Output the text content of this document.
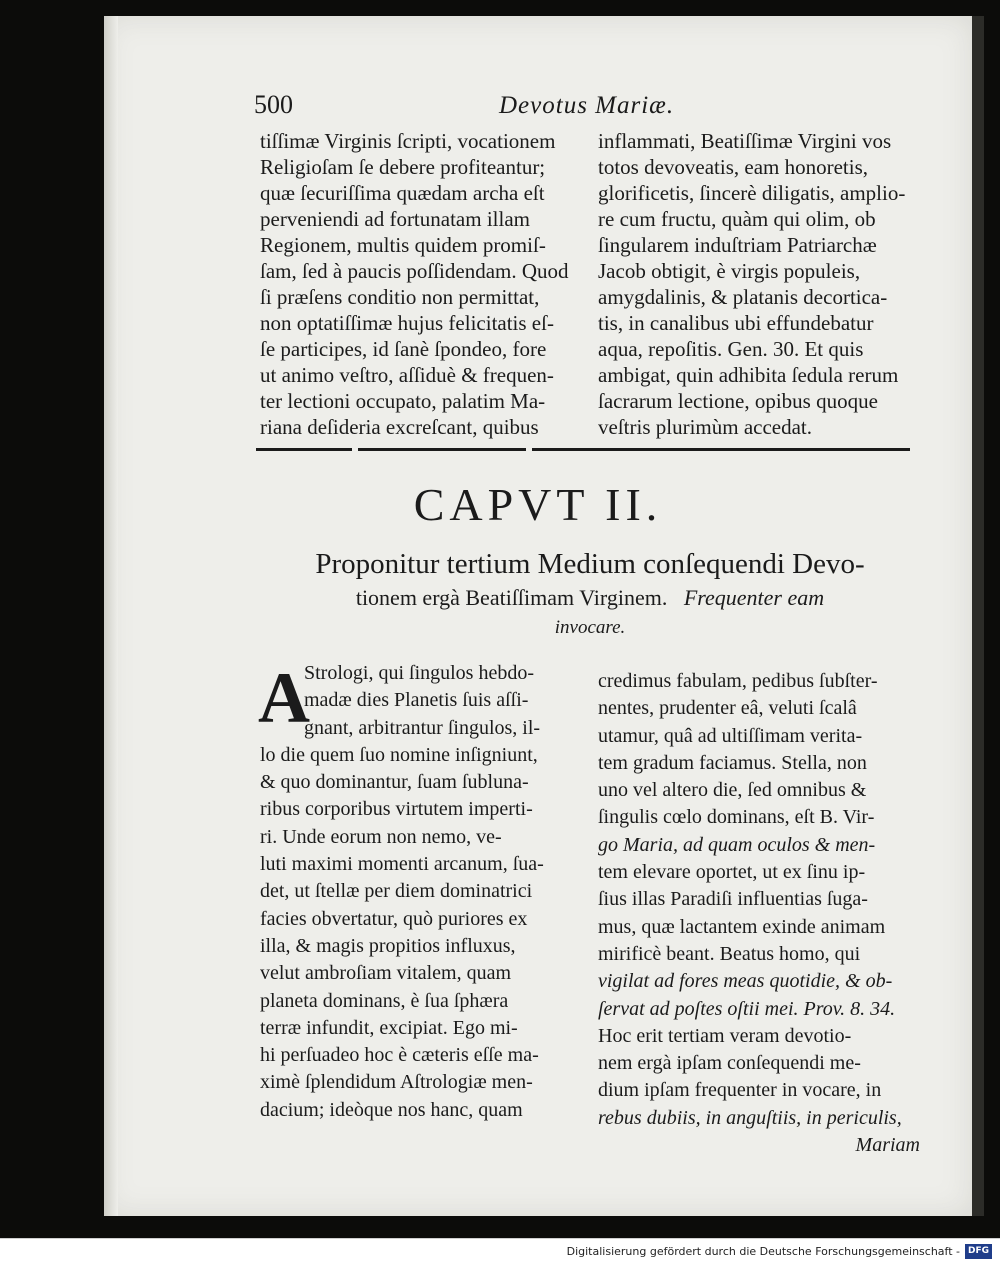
500	Devotus Mariæ.
tiſſimæ Virginis ſcripti, vocationem
Religioſam ſe debere profiteantur;
quæ ſecuriſſima quædam archa eſt
perveniendi ad fortunatam illam
Regionem, multis quidem promiſ-
ſam, ſed à paucis poſſidendam. Quod
ſi præſens conditio non permittat,
non optatiſſimæ hujus felicitatis eſ-
ſe participes, id ſanè ſpondeo, fore
ut animo veſtro, aſſiduè & frequen-
ter lectioni occupato, palatim Ma-
riana deſideria excreſcant, quibus
inflammati, Beatiſſimæ Virgini vos
totos devoveatis, eam honoretis,
glorificetis, ſincerè diligatis, amplio-
re cum fructu, quàm qui olim, ob
ſingularem induſtriam Patriarchæ
Jacob obtigit, è virgis populeis,
amygdalinis, & platanis decortica-
tis, in canalibus ubi effundebatur
aqua, repoſitis. Gen. 30. Et quis
ambigat, quin adhibita ſedula rerum
ſacrarum lectione, opibus quoque
veſtris plurimùm accedat.
CAPVT II.
Proponitur tertium Medium conſequendi Devo-
tionem ergà Beatiſſimam Virginem. Frequenter eam
invocare.
A
Strologi, qui ſingulos hebdo-
madæ dies Planetis ſuis aſſi-
gnant, arbitrantur ſingulos, il-
lo die quem ſuo nomine inſigniunt,
& quo dominantur, ſuam ſublunа-
ribus corporibus virtutem imperti-
ri. Unde eorum non nemo, ve-
luti maximi momenti arcanum, ſua-
det, ut ſtellæ per diem dominatrici
facies obvertatur, quò puriores ex
illa, & magis propitios influxus,
velut ambroſiam vitalem, quam
planeta dominans, è ſua ſphæra
terræ infundit, excipiat. Ego mi-
hi perſuadeo hoc è cæteris eſſe ma-
ximè ſplendidum Aſtrologiæ men-
dacium; ideòque nos hanc, quam
credimus fabulam, pedibus ſubſter-
nentes, prudenter eâ, veluti ſcalâ
utamur, quâ ad ultiſſimam verita-
tem gradum faciamus. Stella, non
uno vel altero die, ſed omnibus &
ſingulis cœlo dominans, eſt B. Vir-
go Maria, ad quam oculos & men-
tem elevare oportet, ut ex ſinu ip-
ſius illas Paradiſi influentias ſuga-
mus, quæ lactantem exinde animam
mirificè beant. Beatus homo, qui
vigilat ad fores meas quotidie, & ob-
ſervat ad poſtes oſtii mei. Prov. 8. 34.
Hoc erit tertiam veram devotio-
nem ergà ipſam conſequendi me-
dium ipſam frequenter in vocare, in
rebus dubiis, in anguſtiis, in periculis,
Mariam
Digitalisierung gefördert durch die Deutsche Forschungsgemeinschaft - DFG
